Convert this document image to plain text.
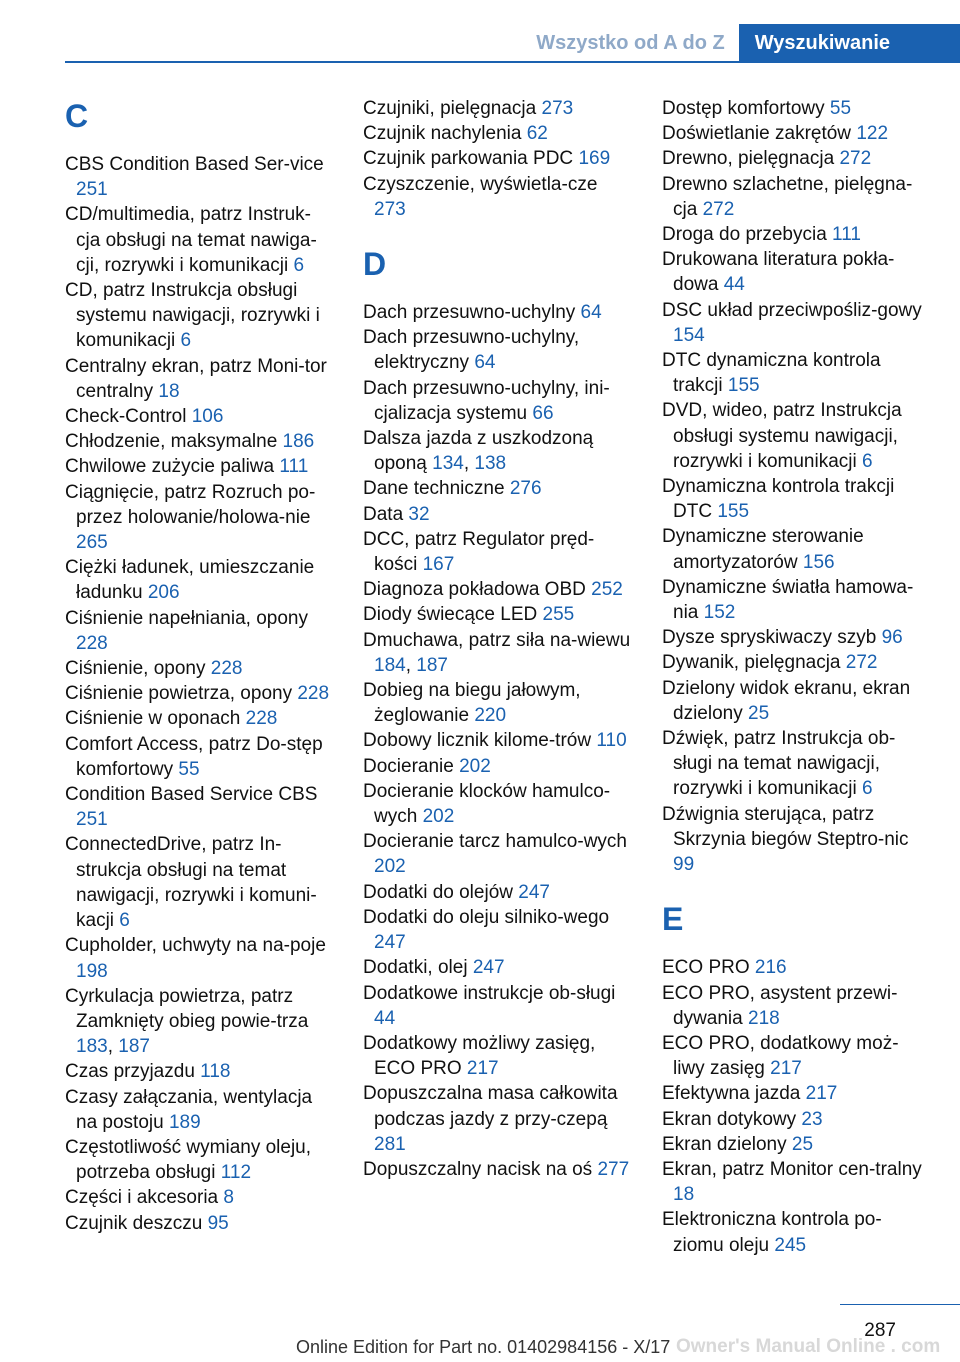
Wszystko od A do Z	Wyszukiwanie
C
CBS Condition Based Ser‐vice 251
CD/multimedia, patrz Instruk‐cja obsługi na temat nawiga‐cji, rozrywki i komunikacji 6
CD, patrz Instrukcja obsługi systemu nawigacji, rozrywki i komunikacji 6
Centralny ekran, patrz Moni‐tor centralny 18
Check-Control 106
Chłodzenie, maksymalne 186
Chwilowe zużycie paliwa 111
Ciągnięcie, patrz Rozruch po‐przez holowanie/holowa‐nie 265
Ciężki ładunek, umieszczanie ładunku 206
Ciśnienie napełniania, opony 228
Ciśnienie, opony 228
Ciśnienie powietrza, opony 228
Ciśnienie w oponach 228
Comfort Access, patrz Do‐stęp komfortowy 55
Condition Based Service CBS 251
ConnectedDrive, patrz In‐strukcja obsługi na temat nawigacji, rozrywki i komuni‐kacji 6
Cupholder, uchwyty na na‐poje 198
Cyrkulacja powietrza, patrz Zamknięty obieg powie‐trza 183, 187
Czas przyjazdu 118
Czasy załączania, wentylacja na postoju 189
Częstotliwość wymiany oleju, potrzeba obsługi 112
Części i akcesoria 8
Czujnik deszczu 95
Czujniki, pielęgnacja 273
Czujnik nachylenia 62
Czujnik parkowania PDC 169
Czyszczenie, wyświetla‐cze 273
D
Dach przesuwno-uchylny 64
Dach przesuwno-uchylny, elektryczny 64
Dach przesuwno-uchylny, ini‐cjalizacja systemu 66
Dalsza jazda z uszkodzoną oponą 134, 138
Dane techniczne 276
Data 32
DCC, patrz Regulator pręd‐kości 167
Diagnoza pokładowa OBD 252
Diody świecące LED 255
Dmuchawa, patrz siła na‐wiewu 184, 187
Dobieg na biegu jałowym, żeglowanie 220
Dobowy licznik kilome‐trów 110
Docieranie 202
Docieranie klocków hamulco‐wych 202
Docieranie tarcz hamulco‐wych 202
Dodatki do olejów 247
Dodatki do oleju silniko‐wego 247
Dodatki, olej 247
Dodatkowe instrukcje ob‐sługi 44
Dodatkowy możliwy zasięg, ECO PRO 217
Dopuszczalna masa całkowita podczas jazdy z przy‐czepą 281
Dopuszczalny nacisk na oś 277
Dostęp komfortowy 55
Doświetlanie zakrętów 122
Drewno, pielęgnacja 272
Drewno szlachetne, pielęgna‐cja 272
Droga do przebycia 111
Drukowana literatura pokła‐dowa 44
DSC układ przeciwpośliz‐gowy 154
DTC dynamiczna kontrola trakcji 155
DVD, wideo, patrz Instrukcja obsługi systemu nawigacji, rozrywki i komunikacji 6
Dynamiczna kontrola trakcji DTC 155
Dynamiczne sterowanie amortyzatorów 156
Dynamiczne światła hamowa‐nia 152
Dysze spryskiwaczy szyb 96
Dywanik, pielęgnacja 272
Dzielony widok ekranu, ekran dzielony 25
Dźwięk, patrz Instrukcja ob‐sługi na temat nawigacji, rozrywki i komunikacji 6
Dźwignia sterująca, patrz Skrzynia biegów Steptro‐nic 99
E
ECO PRO 216
ECO PRO, asystent przewi‐dywania 218
ECO PRO, dodatkowy moż‐liwy zasięg 217
Efektywna jazda 217
Ekran dotykowy 23
Ekran dzielony 25
Ekran, patrz Monitor cen‐tralny 18
Elektroniczna kontrola po‐ziomu oleju 245
287
Online Edition for Part no. 01402984156 - X/17 Owner's Manual Online . com
